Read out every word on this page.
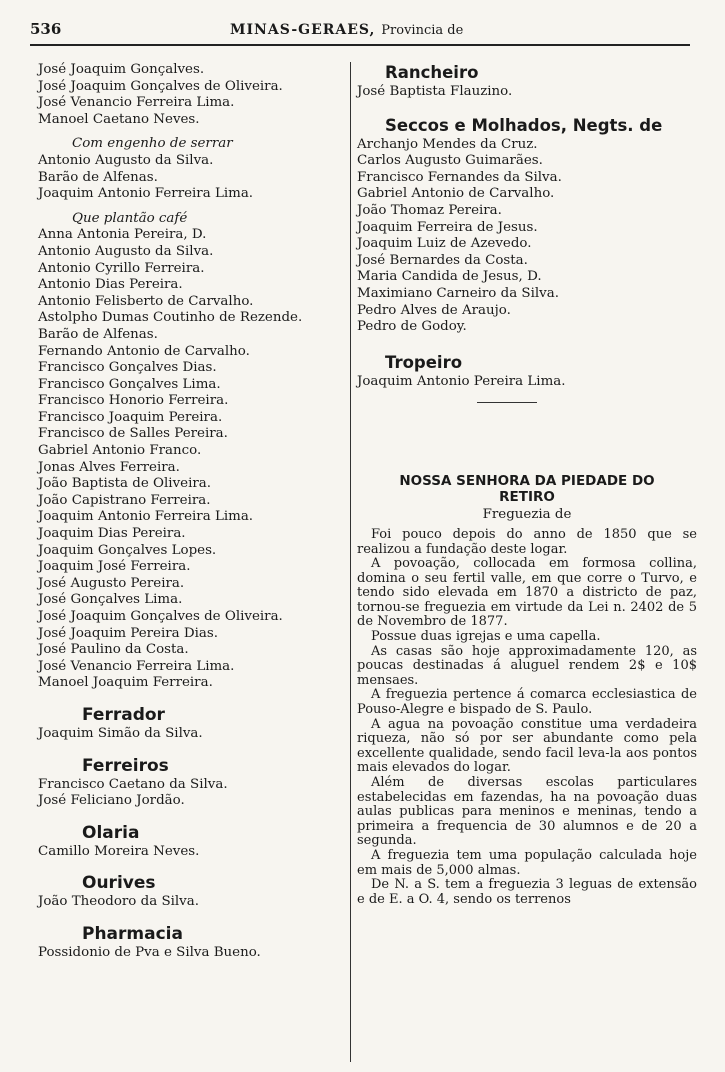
536	MINAS-GERAES, Provincia de
José Joaquim Gonçalves.
José Joaquim Gonçalves de Oliveira.
José Venancio Ferreira Lima.
Manoel Caetano Neves.
Com engenho de serrar
Antonio Augusto da Silva.
Barão de Alfenas.
Joaquim Antonio Ferreira Lima.
Que plantão café
Anna Antonia Pereira, D.
Antonio Augusto da Silva.
Antonio Cyrillo Ferreira.
Antonio Dias Pereira.
Antonio Felisberto de Carvalho.
Astolpho Dumas Coutinho de Rezende.
Barão de Alfenas.
Fernando Antonio de Carvalho.
Francisco Gonçalves Dias.
Francisco Gonçalves Lima.
Francisco Honorio Ferreira.
Francisco Joaquim Pereira.
Francisco de Salles Pereira.
Gabriel Antonio Franco.
Jonas Alves Ferreira.
João Baptista de Oliveira.
João Capistrano Ferreira.
Joaquim Antonio Ferreira Lima.
Joaquim Dias Pereira.
Joaquim Gonçalves Lopes.
Joaquim José Ferreira.
José Augusto Pereira.
José Gonçalves Lima.
José Joaquim Gonçalves de Oliveira.
José Joaquim Pereira Dias.
José Paulino da Costa.
José Venancio Ferreira Lima.
Manoel Joaquim Ferreira.
Ferrador
Joaquim Simão da Silva.
Ferreiros
Francisco Caetano da Silva.
José Feliciano Jordão.
Olaria
Camillo Moreira Neves.
Ourives
João Theodoro da Silva.
Pharmacia
Possidonio de Pva e Silva Bueno.
Rancheiro
José Baptista Flauzino.
Seccos e Molhados, Negts. de
Archanjo Mendes da Cruz.
Carlos Augusto Guimarães.
Francisco Fernandes da Silva.
Gabriel Antonio de Carvalho.
João Thomaz Pereira.
Joaquim Ferreira de Jesus.
Joaquim Luiz de Azevedo.
José Bernardes da Costa.
Maria Candida de Jesus, D.
Maximiano Carneiro da Silva.
Pedro Alves de Araujo.
Pedro de Godoy.
Tropeiro
Joaquim Antonio Pereira Lima.
NOSSA SENHORA DA PIEDADE DO
RETIRO
Freguezia de

Foi pouco depois do anno de 1850 que se realizou a fundação deste logar.

A povoação, collocada em formosa collina, domina o seu fertil valle, em que corre o Turvo, e tendo sido elevada em 1870 a districto de paz, tornou-se freguezia em virtude da Lei n. 2402 de 5 de Novembro de 1877.

Possue duas igrejas e uma capella.

As casas são hoje approximadamente 120, as poucas destinadas á aluguel rendem 2$ e 10$ mensaes.

A freguezia pertence á comarca ecclesiastica de Pouso-Alegre e bispado de S. Paulo.

A agua na povoação constitue uma verdadeira riqueza, não só por ser abundante como pela excellente qualidade, sendo facil leva-la aos pontos mais elevados do logar.

Além de diversas escolas particulares estabelecidas em fazendas, ha na povoação duas aulas publicas para meninos e meninas, tendo a primeira a frequencia de 30 alumnos e de 20 a segunda.

A freguezia tem uma população calculada hoje em mais de 5,000 almas.

De N. a S. tem a freguezia 3 leguas de extensão e de E. a O. 4, sendo os terrenos
